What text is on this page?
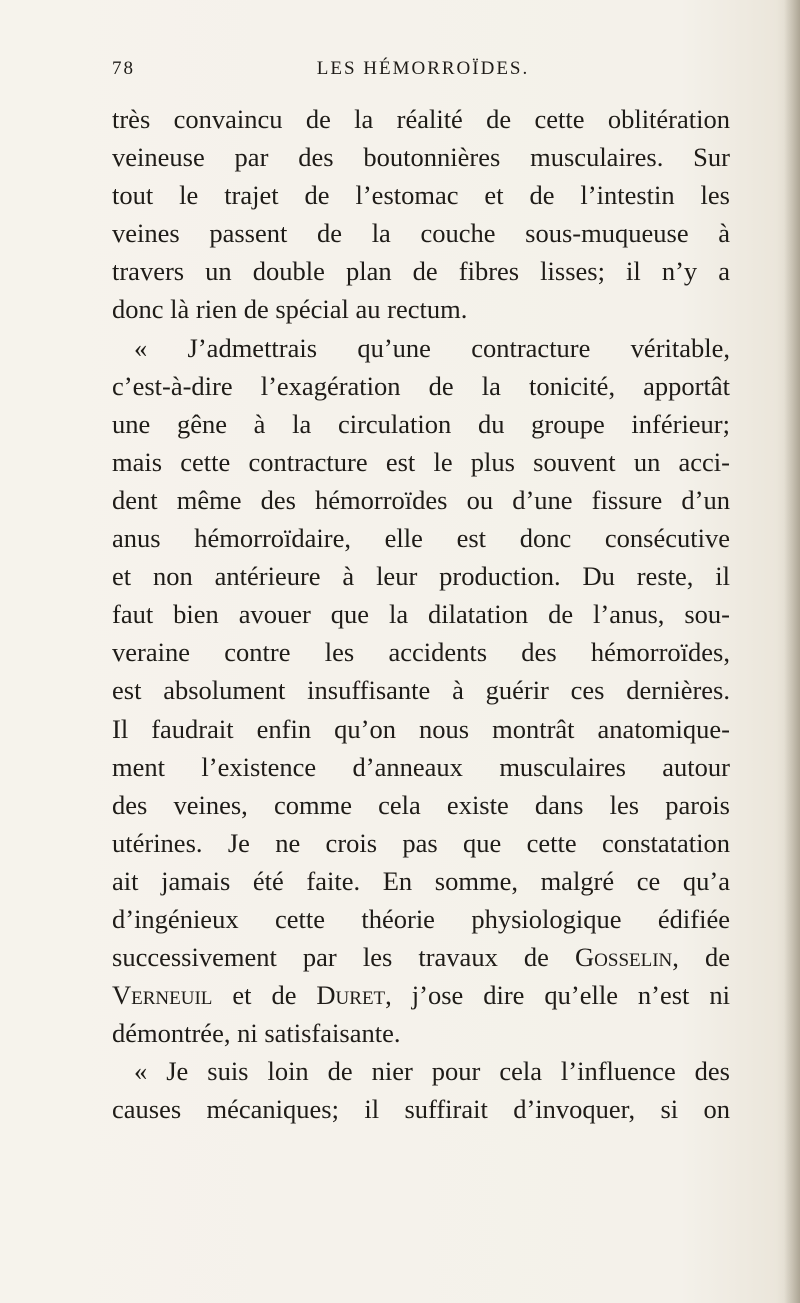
78	LES HÉMORROÏDES.
très convaincu de la réalité de cette oblitération
veineuse par des boutonnières musculaires. Sur
tout le trajet de l’estomac et de l’intestin les
veines passent de la couche sous-muqueuse à
travers un double plan de fibres lisses; il n’y a
donc là rien de spécial au rectum.
« J’admettrais qu’une contracture véritable,
c’est-à-dire l’exagération de la tonicité, apportât
une gêne à la circulation du groupe inférieur;
mais cette contracture est le plus souvent un acci-
dent même des hémorroïdes ou d’une fissure d’un
anus hémorroïdaire, elle est donc consécutive
et non antérieure à leur production. Du reste, il
faut bien avouer que la dilatation de l’anus, sou-
veraine contre les accidents des hémorroïdes,
est absolument insuffisante à guérir ces dernières.
Il faudrait enfin qu’on nous montrât anatomique-
ment l’existence d’anneaux musculaires autour
des veines, comme cela existe dans les parois
utérines. Je ne crois pas que cette constatation
ait jamais été faite. En somme, malgré ce qu’a
d’ingénieux cette théorie physiologique édifiée
successivement par les travaux de Gosselin, de
Verneuil et de Duret, j’ose dire qu’elle n’est ni
démontrée, ni satisfaisante.
« Je suis loin de nier pour cela l’influence des
causes mécaniques; il suffirait d’invoquer, si on
